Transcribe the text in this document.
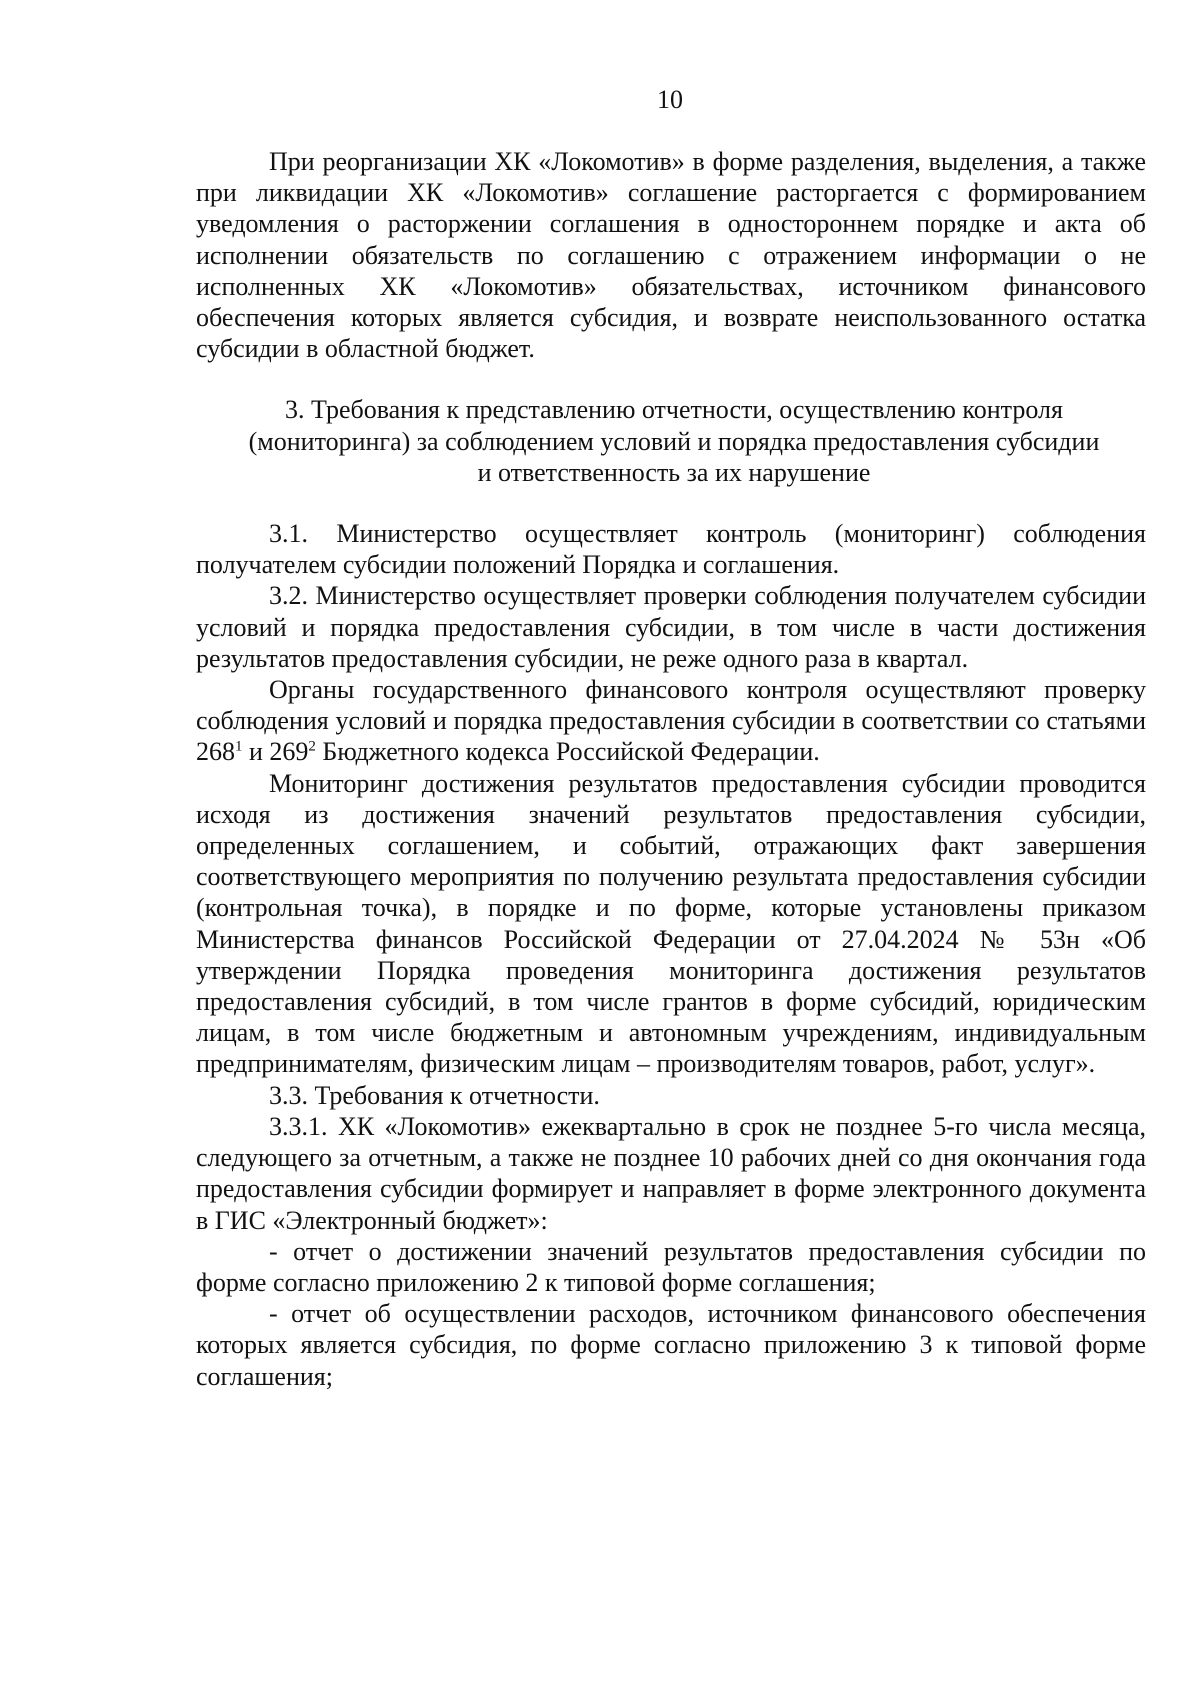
10

При реорганизации ХК «Локомотив» в форме разделения, выделения, а также при ликвидации ХК «Локомотив» соглашение расторгается с формированием уведомления о расторжении соглашения в одностороннем порядке и акта об исполнении обязательств по соглашению с отражением информации о не исполненных ХК «Локомотив» обязательствах, источником финансового обеспечения которых является субсидия, и возврате неиспользованного остатка субсидии в областной бюджет.

3. Требования к представлению отчетности, осуществлению контроля
(мониторинга) за соблюдением условий и порядка предоставления субсидии
и ответственность за их нарушение

3.1. Министерство осуществляет контроль (мониторинг) соблюдения получателем субсидии положений Порядка и соглашения.

3.2. Министерство осуществляет проверки соблюдения получателем субсидии условий и порядка предоставления субсидии, в том числе в части достижения результатов предоставления субсидии, не реже одного раза в квартал.

Органы государственного финансового контроля осуществляют проверку соблюдения условий и порядка предоставления субсидии в соответствии со статьями $268^1$ и $269^2$ Бюджетного кодекса Российской Федерации.

Мониторинг достижения результатов предоставления субсидии проводится исходя из достижения значений результатов предоставления субсидии, определенных соглашением, и событий, отражающих факт завершения соответствующего мероприятия по получению результата предоставления субсидии (контрольная точка), в порядке и по форме, которые установлены приказом Министерства финансов Российской Федерации от 27.04.2024 № 53н «Об утверждении Порядка проведения мониторинга достижения результатов предоставления субсидий, в том числе грантов в форме субсидий, юридическим лицам, в том числе бюджетным и автономным учреждениям, индивидуальным предпринимателям, физическим лицам – производителям товаров, работ, услуг».

3.3. Требования к отчетности.

3.3.1. ХК «Локомотив» ежеквартально в срок не позднее 5-го числа месяца, следующего за отчетным, а также не позднее 10 рабочих дней со дня окончания года предоставления субсидии формирует и направляет в форме электронного документа в ГИС «Электронный бюджет»:

- отчет о достижении значений результатов предоставления субсидии по форме согласно приложению 2 к типовой форме соглашения;

- отчет об осуществлении расходов, источником финансового обеспечения которых является субсидия, по форме согласно приложению 3 к типовой форме соглашения;
